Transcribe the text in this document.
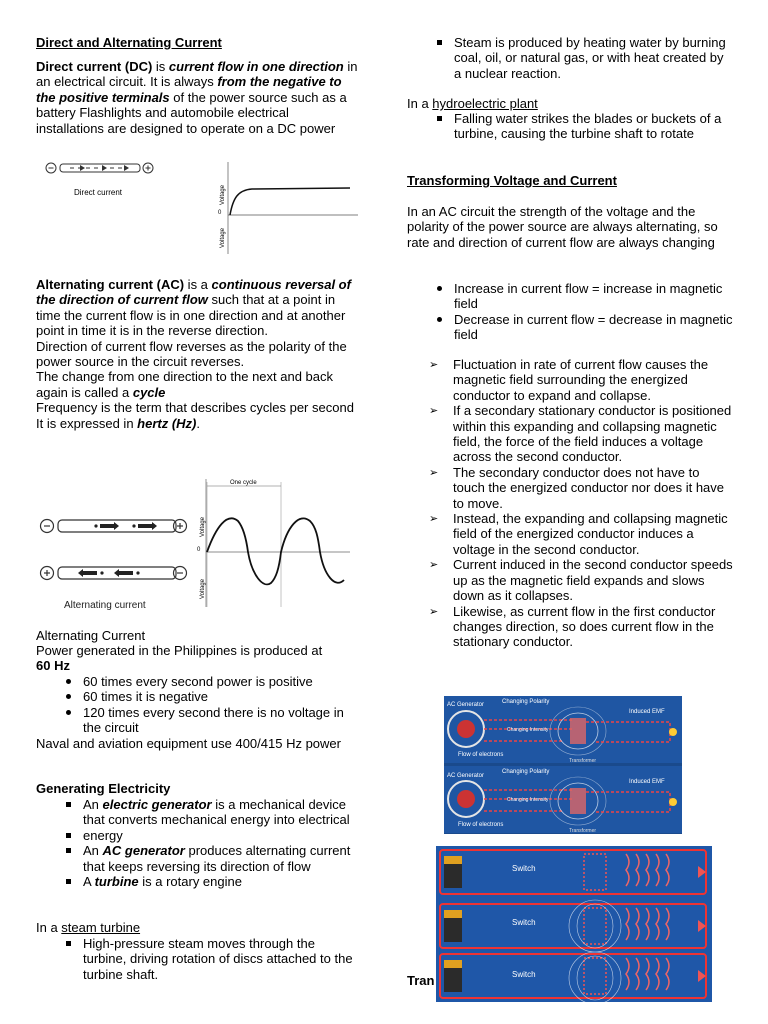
Direct and Alternating Current

Direct current (DC) is current flow in one direction in an electrical circuit. It is always from the negative to the positive terminals of the power source such as a battery Flashlights and automobile electrical installations are designed to operate on a DC power

Direct current
0
Voltage
Voltage

Alternating current (AC) is a continuous reversal of the direction of current flow such that at a point in time the current flow is in one direction and at another point in time it is in the reverse direction.
Direction of current flow reverses as the polarity of the power source in the circuit reverses.
The change from one direction to the next and back again is called a cycle
Frequency is the term that describes cycles per second
It is expressed in hertz (Hz).

Alternating current
0
Voltage
Voltage
One cycle

Alternating Current

Power generated in the Philippines is produced at
60 Hz

60 times every second power is positive
60 times it is negative
120 times every second there is no voltage in the circuit

Naval and aviation equipment use 400/415 Hz power

Generating Electricity

An electric generator is a mechanical device that converts mechanical energy into electrical
energy
An AC generator produces alternating current that keeps reversing its direction of flow
A turbine is a rotary engine

In a steam turbine

High-pressure steam moves through the turbine, driving rotation of discs attached to the turbine shaft.
Steam is produced by heating water by burning coal, oil, or natural gas, or with heat created by a nuclear reaction.

In a hydroelectric plant

Falling water strikes the blades or buckets of a turbine, causing the turbine shaft to rotate

Transforming Voltage and Current

In an AC circuit the strength of the voltage and the polarity of the power source are always alternating, so rate and direction of current flow are always changing

Increase in current flow = increase in magnetic field
Decrease in current flow = decrease in magnetic field
➢ Fluctuation in rate of current flow causes the magnetic field surrounding the energized conductor to expand and collapse.
➢ If a secondary stationary conductor is positioned within this expanding and collapsing magnetic field, the force of the field induces a voltage across the second conductor.
➢ The secondary conductor does not have to touch the energized conductor nor does it have to move.
➢ Instead, the expanding and collapsing magnetic field of the energized conductor induces a voltage in the second conductor.
➢ Current induced in the second conductor speeds up as the magnetic field expands and slows down as it collapses.
➢ Likewise, as current flow in the first conductor changes direction, so does current flow in the stationary conductor.

Tran

AC Generator	Changing Polarity
Changing Intensity
Induced EMF
Flow of electrons
Transformer
AC Generator
Changing Polarity
Changing Intensity
Induced EMF
Flow of electrons
Transformer
Switch
Switch
Switch
